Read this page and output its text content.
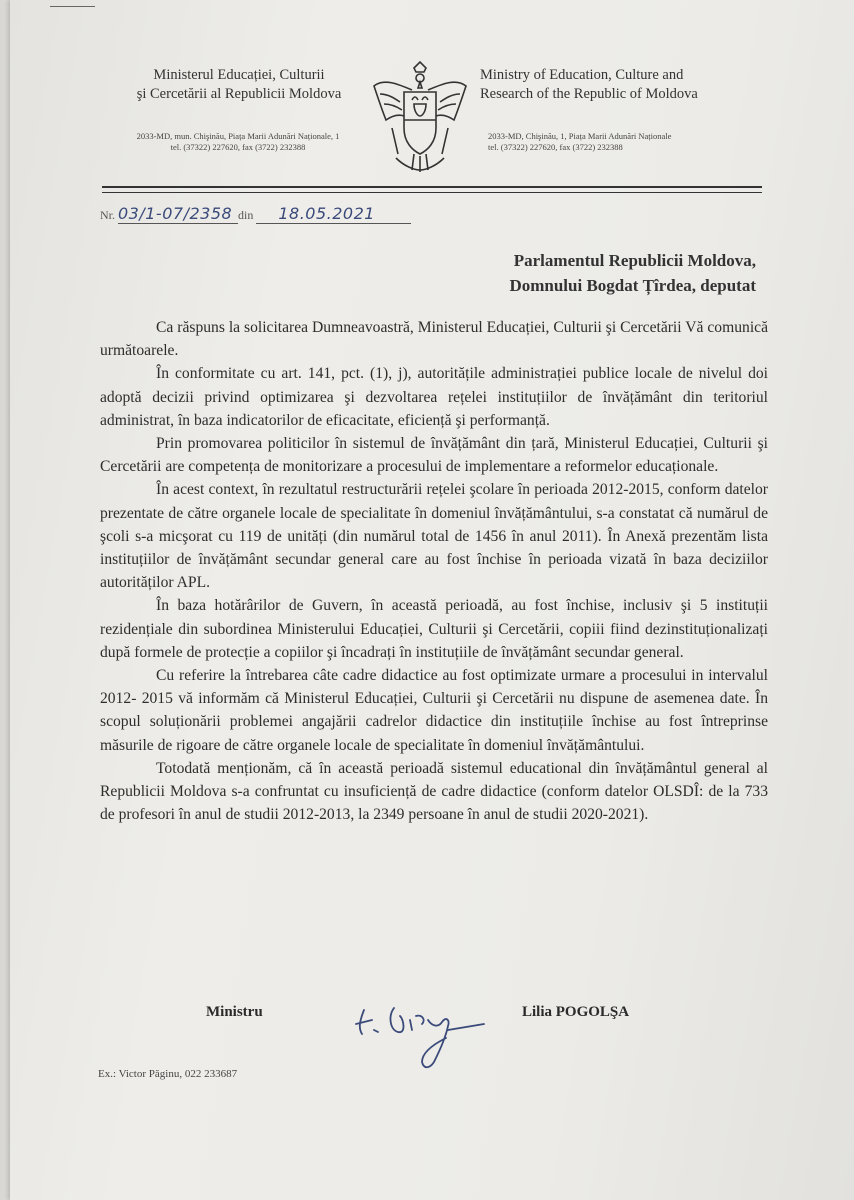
Ministerul Educației, Culturii
şi Cercetării al Republicii Moldova
Ministry of Education, Culture and
Research of the Republic of Moldova
2033-MD, mun. Chişinău, Piața Marii Adunări Naționale, 1
tel. (37322) 227620, fax (3722) 232388
2033-MD, Chişinău, 1, Piața Marii Adunări Naționale
tel. (37322) 227620, fax (3722) 232388
Nr. 03/1-07/2358 din 18.05.2021
Parlamentul Republicii Moldova,
Domnului Bogdat Țîrdea, deputat

Ca răspuns la solicitarea Dumneavoastră, Ministerul Educației, Culturii şi Cercetării Vă comunică următoarele.

În conformitate cu art. 141, pct. (1), j), autoritățile administrației publice locale de nivelul doi adoptă decizii privind optimizarea şi dezvoltarea rețelei instituțiilor de învățământ din teritoriul administrat, în baza indicatorilor de eficacitate, eficiență şi performanță.

Prin promovarea politicilor în sistemul de învățământ din țară, Ministerul Educației, Culturii şi Cercetării are competența de monitorizare a procesului de implementare a reformelor educaționale.

În acest context, în rezultatul restructurării rețelei şcolare în perioada 2012-2015, conform datelor prezentate de către organele locale de specialitate în domeniul învățământului, s-a constatat că numărul de şcoli s-a micşorat cu 119 de unități (din numărul total de 1456 în anul 2011). În Anexă prezentăm lista instituțiilor de învățământ secundar general care au fost închise în perioada vizată în baza deciziilor autorităților APL.

În baza hotărârilor de Guvern, în această perioadă, au fost închise, inclusiv şi 5 instituții rezidențiale din subordinea Ministerului Educației, Culturii şi Cercetării, copiii fiind dezinstituționalizați după formele de protecție a copiilor şi încadrați în instituțiile de învățământ secundar general.

Cu referire la întrebarea câte cadre didactice au fost optimizate urmare a procesului in intervalul 2012- 2015 vă informăm că Ministerul Educației, Culturii şi Cercetării nu dispune de asemenea date. În scopul soluționării problemei angajării cadrelor didactice din instituțiile închise au fost întreprinse măsurile de rigoare de către organele locale de specialitate în domeniul învățământului.

Totodată menționăm, că în această perioadă sistemul educational din învățământul general al Republicii Moldova s-a confruntat cu insuficiență de cadre didactice (conform datelor OLSDÎ: de la 733 de profesori în anul de studii 2012-2013, la 2349 persoane în anul de studii 2020-2021).

Ministru	Lilia POGOLŞA
Ex.: Victor Păginu, 022 233687
